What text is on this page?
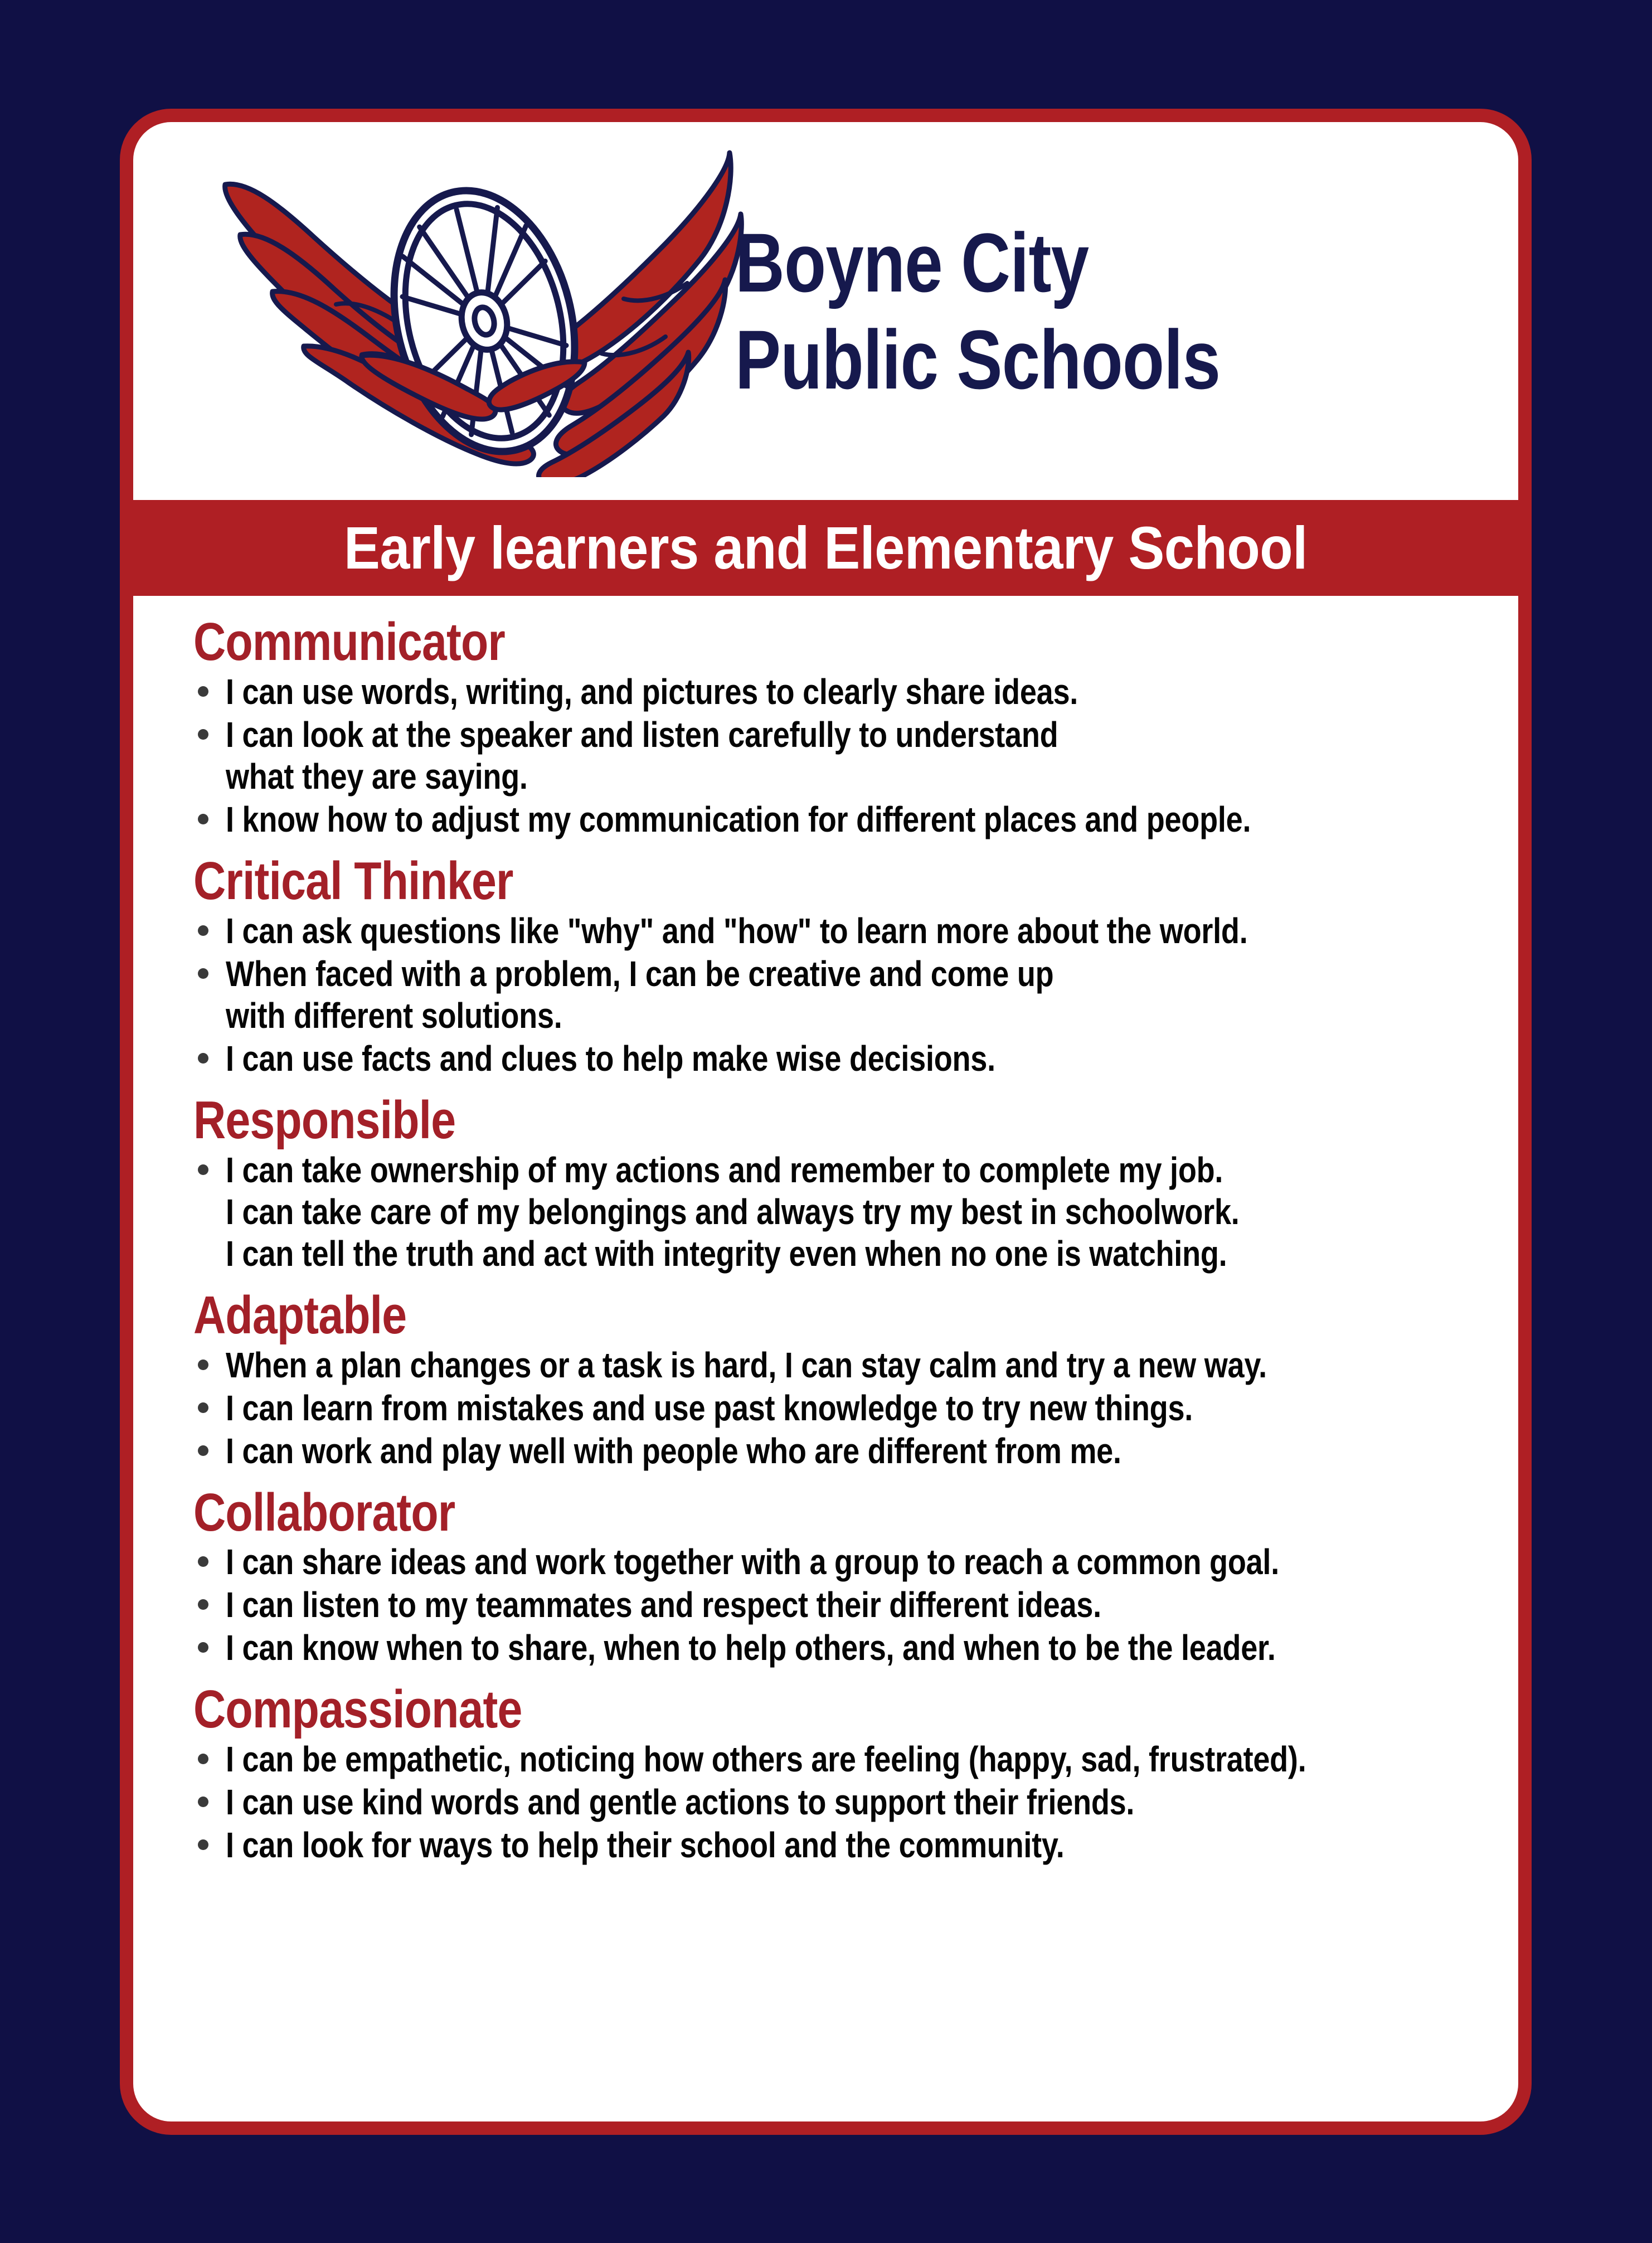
Boyne City
Public Schools
Early learners and Elementary School
Communicator
I can use words, writing, and pictures to clearly share ideas.
I can look at the speaker and listen carefully to understand
what they are saying.
I know how to adjust my communication for different places and people.
Critical Thinker
I can ask questions like "why" and "how" to learn more about the world.
When faced with a problem, I can be creative and come up
with different solutions.
I can use facts and clues to help make wise decisions.
Responsible
I can take ownership of my actions and remember to complete my job.
I can take care of my belongings and always try my best in schoolwork.
I can tell the truth and act with integrity even when no one is watching.
Adaptable
When a plan changes or a task is hard, I can stay calm and try a new way.
I can learn from mistakes and use past knowledge to try new things.
I can work and play well with people who are different from me.
Collaborator
I can share ideas and work together with a group to reach a common goal.
I can listen to my teammates and respect their different ideas.
I can know when to share, when to help others, and when to be the leader.
Compassionate
I can be empathetic, noticing how others are feeling (happy, sad, frustrated).
I can use kind words and gentle actions to support their friends.
I can look for ways to help their school and the community.
